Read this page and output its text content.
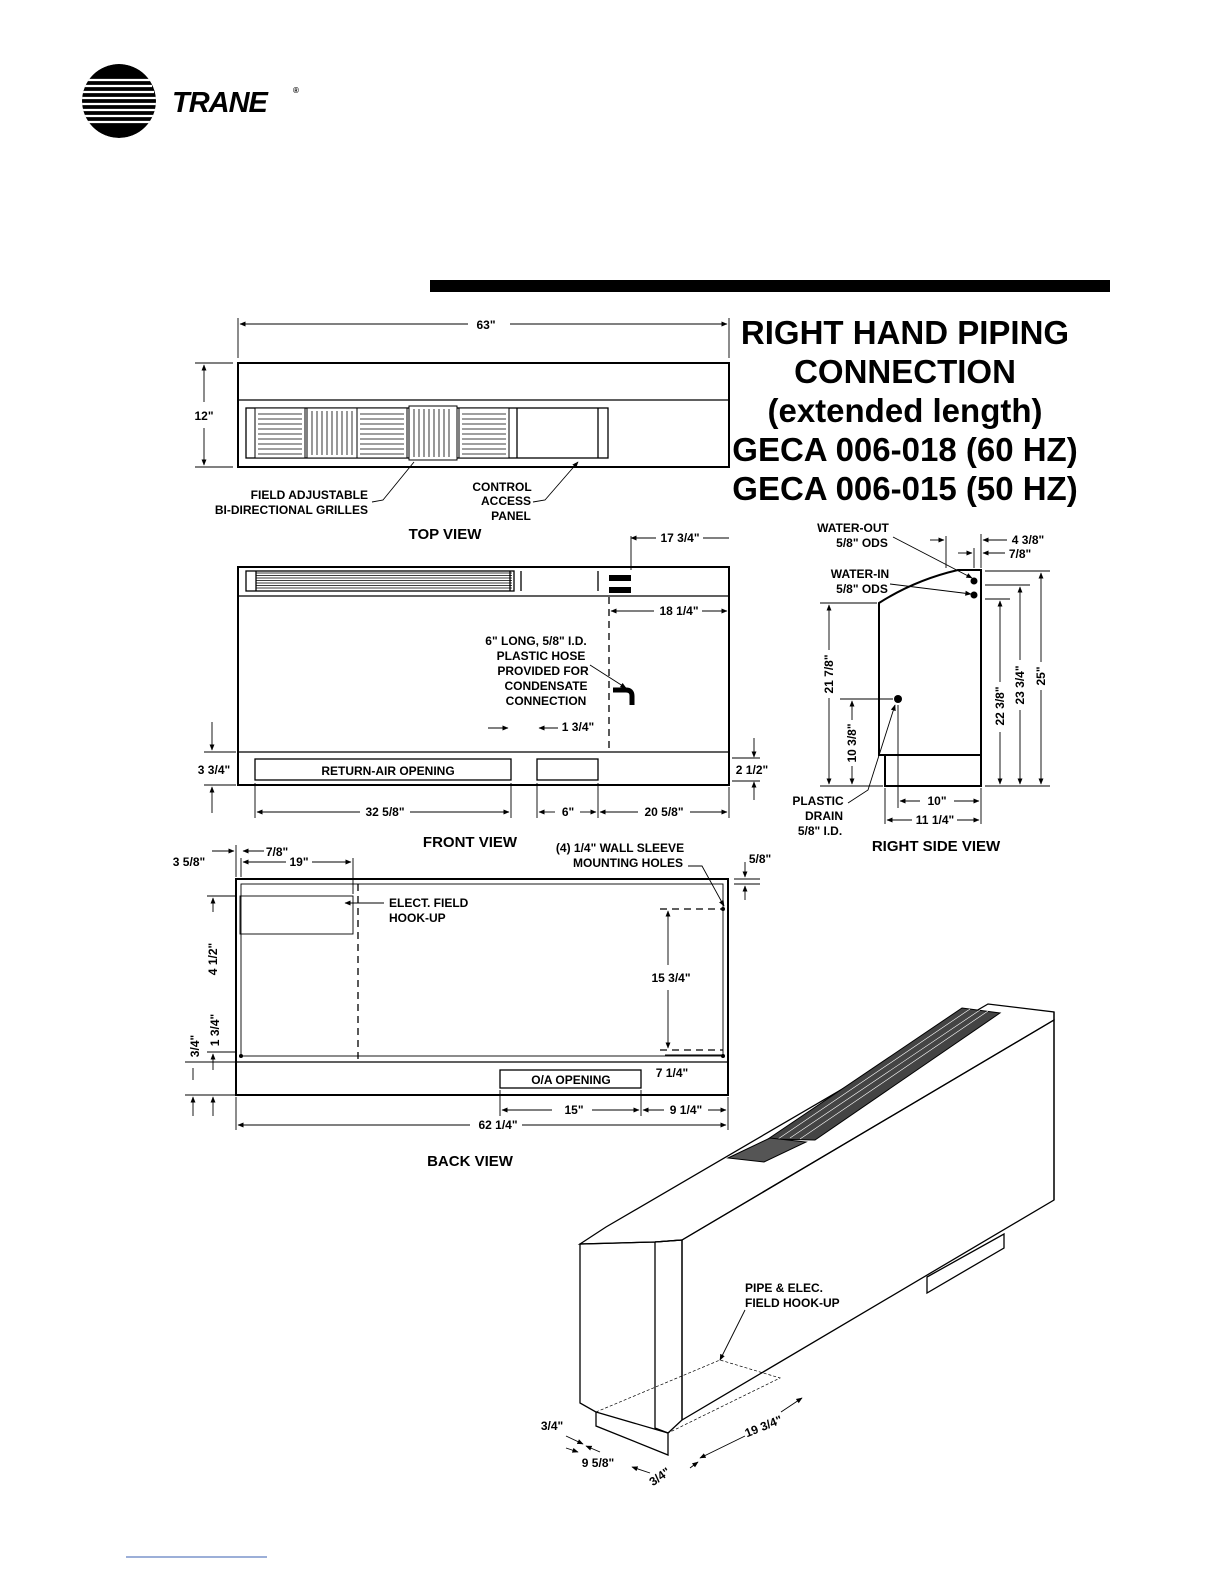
TRANE	®
RIGHT HAND PIPING
CONNECTION
(extended length)
GECA 006-018 (60 HZ)
GECA 006-015 (50 HZ)
63"
12"
FIELD ADJUSTABLE
BI-DIRECTIONAL GRILLES
CONTROL
ACCESS
PANEL
TOP VIEW	17 3/4"
18 1/4"
6" LONG, 5/8" I.D.
PLASTIC HOSE
PROVIDED FOR
CONDENSATE
CONNECTION
1 3/4"
RETURN-AIR OPENING
3 3/4"	2 1/2"
32 5/8"	6"	20 5/8"
FRONT VIEW
WATER-OUT
5/8" ODS
WATER-IN
5/8" ODS
4 3/8"
7/8"
22 3/8"
23 3/4" 25"
21 7/8"
10 3/8"
PLASTIC
DRAIN
5/8" I.D.
10"
11 1/4"
RIGHT SIDE VIEW
O/A OPENING
3 5/8"
7/8"
19"
(4) 1/4" WALL SLEEVE
MOUNTING HOLES	5/8"
ELECT. FIELD
HOOK-UP
15 3/4"
7 1/4"
4 1/2"
1 3/4"
3/4"
15"	9 1/4"
62 1/4"
BACK VIEW
PIPE & ELEC.
FIELD HOOK-UP
3/4"
9 5/8"
3/4"
19 3/4"
